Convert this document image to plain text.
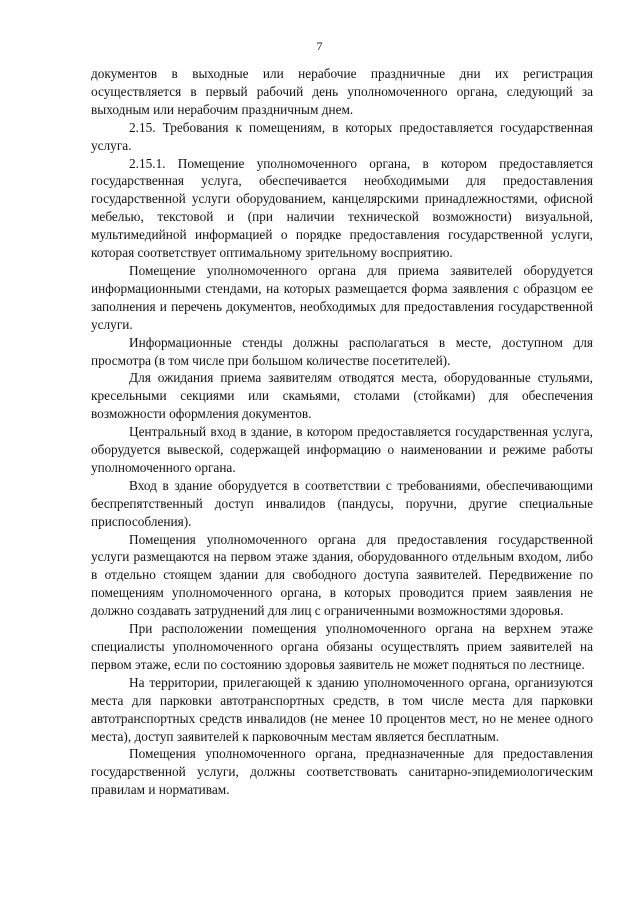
7

документов в выходные или нерабочие праздничные дни их регистрация осуществляется в первый рабочий день уполномоченного органа, следующий за выходным или нерабочим праздничным днем.

2.15. Требования к помещениям, в которых предоставляется государственная услуга.

2.15.1. Помещение уполномоченного органа, в котором предоставляется государственная услуга, обеспечивается необходимыми для предоставления государственной услуги оборудованием, канцелярскими принадлежностями, офисной мебелью, текстовой и (при наличии технической возможности) визуальной, мультимедийной информацией о порядке предоставления государственной услуги, которая соответствует оптимальному зрительному восприятию.

Помещение уполномоченного органа для приема заявителей оборудуется информационными стендами, на которых размещается форма заявления с образцом ее заполнения и перечень документов, необходимых для предоставления государственной услуги.

Информационные стенды должны располагаться в месте, доступном для просмотра (в том числе при большом количестве посетителей).

Для ожидания приема заявителям отводятся места, оборудованные стульями, кресельными секциями или скамьями, столами (стойками) для обеспечения возможности оформления документов.

Центральный вход в здание, в котором предоставляется государственная услуга, оборудуется вывеской, содержащей информацию о наименовании и режиме работы уполномоченного органа.

Вход в здание оборудуется в соответствии с требованиями, обеспечивающими беспрепятственный доступ инвалидов (пандусы, поручни, другие специальные приспособления).

Помещения уполномоченного органа для предоставления государственной услуги размещаются на первом этаже здания, оборудованного отдельным входом, либо в отдельно стоящем здании для свободного доступа заявителей. Передвижение по помещениям уполномоченного органа, в которых проводится прием заявления не должно создавать затруднений для лиц с ограниченными возможностями здоровья.

При расположении помещения уполномоченного органа на верхнем этаже специалисты уполномоченного органа обязаны осуществлять прием заявителей на первом этаже, если по состоянию здоровья заявитель не может подняться по лестнице.

На территории, прилегающей к зданию уполномоченного органа, организуются места для парковки автотранспортных средств, в том числе места для парковки автотранспортных средств инвалидов (не менее 10 процентов мест, но не менее одного места), доступ заявителей к парковочным местам является бесплатным.

Помещения уполномоченного органа, предназначенные для предоставления государственной услуги, должны соответствовать санитарно-эпидемиологическим правилам и нормативам.
